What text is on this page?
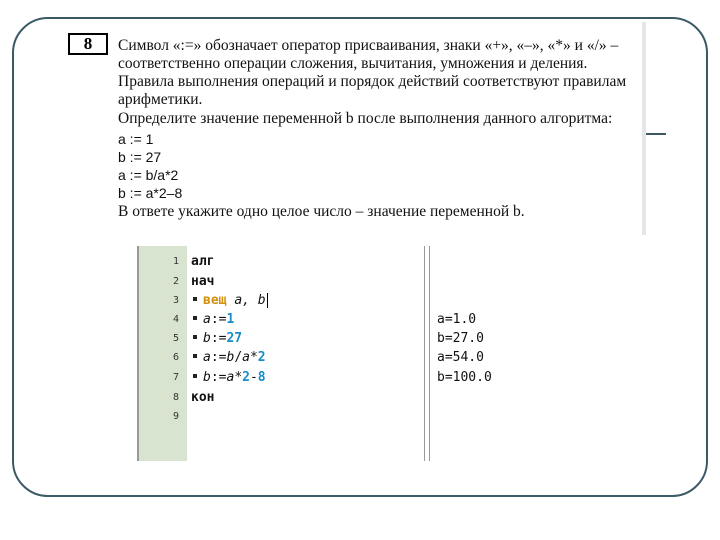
8	Символ «:=» обозначает оператор присваивания, знаки «+», «–», «*» и «/» –
соответственно операции сложения, вычитания, умножения и деления.
Правила выполнения операций и порядок действий соответствуют правилам
арифметики.
Определите значение переменной b после выполнения данного алгоритма:
a := 1
b := 27
a := b/a*2
b := a*2–8
В ответе укажите одно целое число – значение переменной b.
1
2
3
4
5
6
7
8
9
алг
нач
вещ a, b
a:=1
b:=27
a:=b/a*2
b:=a*2-8
кон
a=1.0
b=27.0
a=54.0
b=100.0
